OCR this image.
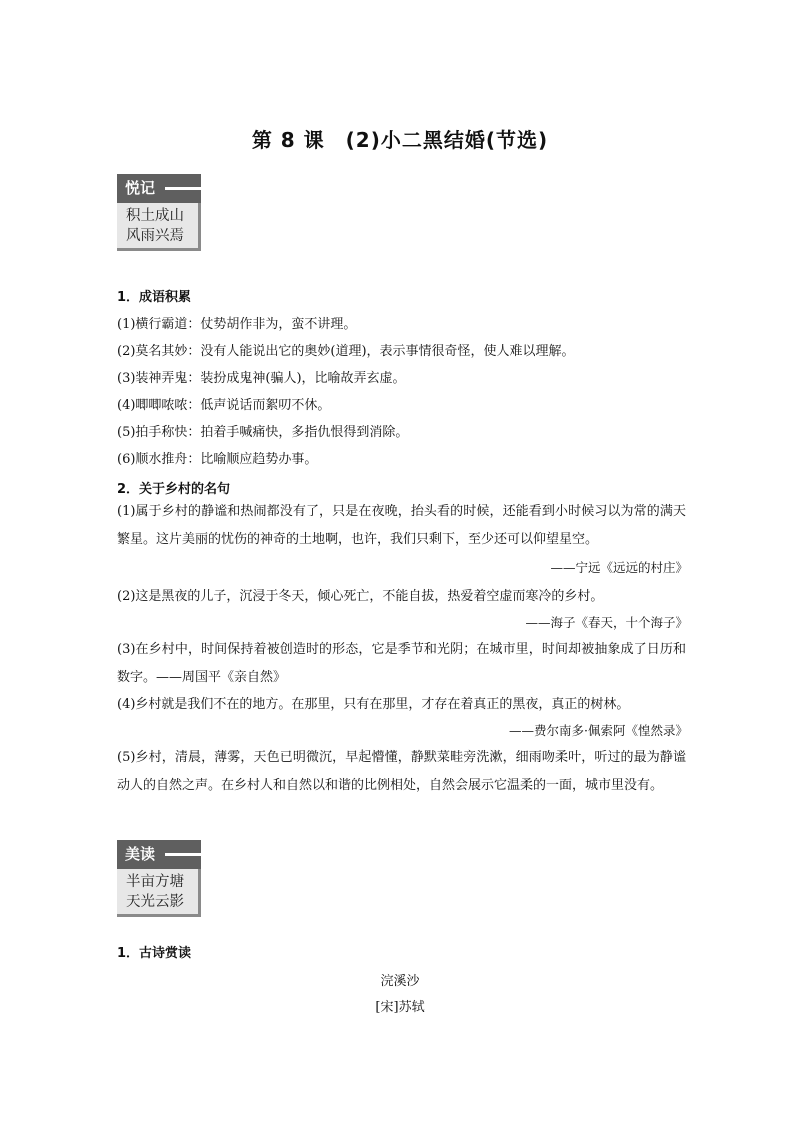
第 8 课　(2)小二黑结婚(节选)
悦记
积土成山
风雨兴焉
1．成语积累
(1)横行霸道：仗势胡作非为，蛮不讲理。
(2)莫名其妙：没有人能说出它的奥妙(道理)，表示事情很奇怪，使人难以理解。
(3)装神弄鬼：装扮成鬼神(骗人)，比喻故弄玄虚。
(4)唧唧哝哝：低声说话而絮叨不休。
(5)拍手称快：拍着手喊痛快，多指仇恨得到消除。
(6)顺水推舟：比喻顺应趋势办事。
2．关于乡村的名句
(1)属于乡村的静谧和热闹都没有了，只是在夜晚，抬头看的时候，还能看到小时候习以为常的满天繁星。这片美丽的忧伤的神奇的土地啊，也许，我们只剩下，至少还可以仰望星空。
——宁远《远远的村庄》
(2)这是黑夜的儿子，沉浸于冬天，倾心死亡，不能自拔，热爱着空虚而寒冷的乡村。
——海子《春天，十个海子》
(3)在乡村中，时间保持着被创造时的形态，它是季节和光阴；在城市里，时间却被抽象成了日历和数字。——周国平《亲自然》
(4)乡村就是我们不在的地方。在那里，只有在那里，才存在着真正的黑夜，真正的树林。
——费尔南多·佩索阿《惶然录》
(5)乡村，清晨，薄雾，天色已明微沉，早起懵懂，静默菜畦旁洗漱，细雨吻柔叶，听过的最为静谧动人的自然之声。在乡村人和自然以和谐的比例相处，自然会展示它温柔的一面，城市里没有。
美读
半亩方塘
天光云影
1．古诗赏读
浣溪沙
[宋]苏轼
